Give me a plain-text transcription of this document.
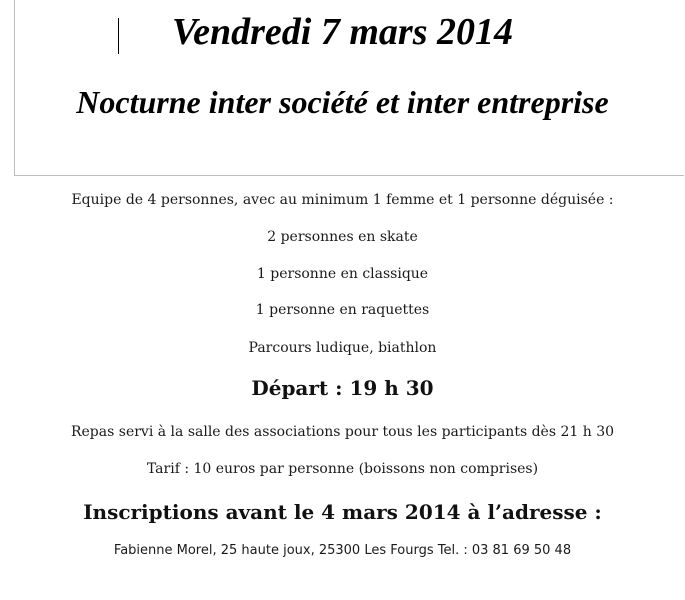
Vendredi 7 mars 2014
Nocturne inter société et inter entreprise
Equipe de 4 personnes, avec au minimum 1 femme et 1 personne déguisée :
2 personnes en skate
1 personne en classique
1 personne en raquettes
Parcours ludique, biathlon
Départ : 19 h 30
Repas servi à la salle des associations pour tous les participants dès 21 h 30
Tarif : 10 euros par personne (boissons non comprises)
Inscriptions avant le 4 mars 2014 à l’adresse :
Fabienne Morel, 25 haute joux, 25300 Les Fourgs Tel. : 03 81 69 50 48
